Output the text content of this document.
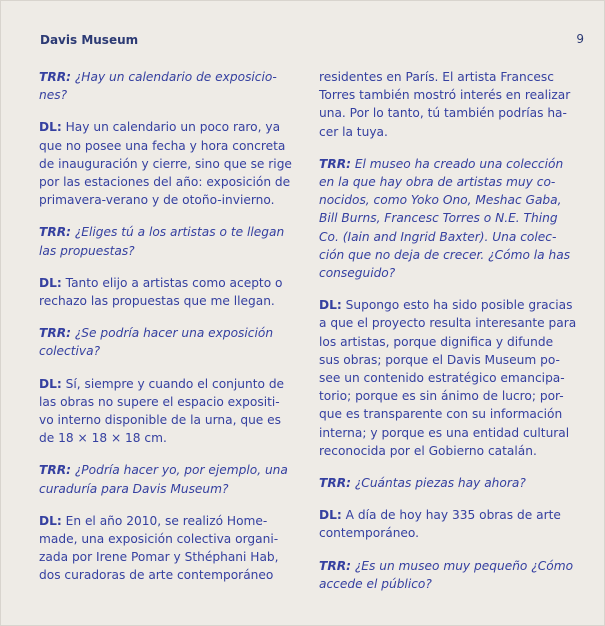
Davis Museum	9
TRR: ¿Hay un calendario de exposicio-
nes?
DL: Hay un calendario un poco raro, ya
que no posee una fecha y hora concreta
de inauguración y cierre, sino que se rige
por las estaciones del año: exposición de
primavera-verano y de otoño-invierno.
TRR: ¿Eliges tú a los artistas o te llegan
las propuestas?
DL: Tanto elijo a artistas como acepto o
rechazo las propuestas que me llegan.
TRR: ¿Se podría hacer una exposición
colectiva?
DL: Sí, siempre y cuando el conjunto de
las obras no supere el espacio expositi-
vo interno disponible de la urna, que es
de 18 × 18 × 18 cm.
TRR: ¿Podría hacer yo, por ejemplo, una
curaduría para Davis Museum?
DL: En el año 2010, se realizó Home-
made, una exposición colectiva organi-
zada por Irene Pomar y Sthéphani Hab,
dos curadoras de arte contemporáneo
residentes en París. El artista Francesc
Torres también mostró interés en realizar
una. Por lo tanto, tú también podrías ha-
cer la tuya.
TRR: El museo ha creado una colección
en la que hay obra de artistas muy co-
nocidos, como Yoko Ono, Meshac Gaba,
Bill Burns, Francesc Torres o N.E. Thing
Co. (Iain and Ingrid Baxter). Una colec-
ción que no deja de crecer. ¿Cómo la has
conseguido?
DL: Supongo esto ha sido posible gracias
a que el proyecto resulta interesante para
los artistas, porque dignifica y difunde
sus obras; porque el Davis Museum po-
see un contenido estratégico emancipa-
torio; porque es sin ánimo de lucro; por-
que es transparente con su información
interna; y porque es una entidad cultural
reconocida por el Gobierno catalán.
TRR: ¿Cuántas piezas hay ahora?
DL: A día de hoy hay 335 obras de arte
contemporáneo.
TRR: ¿Es un museo muy pequeño ¿Cómo
accede el público?
